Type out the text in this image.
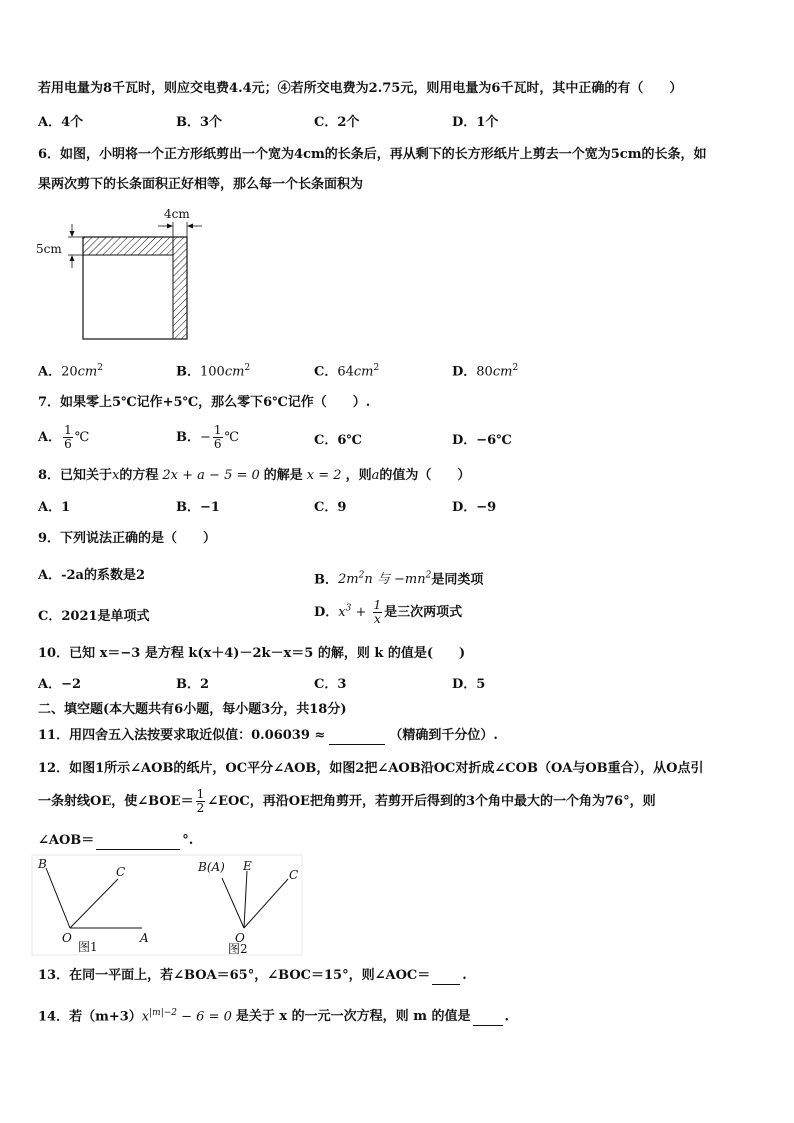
若用电量为8千瓦时，则应交电费4.4元；④若所交电费为2.75元，则用电量为6千瓦时，其中正确的有（　　）
A．4个	B．3个	C．2个	D．1个
6．如图，小明将一个正方形纸剪出一个宽为4cm的长条后，再从剩下的长方形纸片上剪去一个宽为5cm的长条，如
果两次剪下的长条面积正好相等，那么每一个长条面积为
4cm
5cm
A．$20cm^2$	B．$100cm^2$	C．$64cm^2$	D．$80cm^2$
7．如果零上5℃记作+5℃，那么零下6℃记作（　　）.
A． $\frac{1}{6}$ ℃	B．− $\frac{1}{6}$ ℃	C．6℃	D．−6℃
8．已知关于x的方程 2x + a − 5 = 0 的解是 x = 2 ，则a的值为（　　）
A．1	B．−1	C．9	D．−9
9．下列说法正确的是（　　）
A．-2a的系数是2	B．$2m^2n$ 与 $-mn^2$是同类项
C．2021是单项式	D．$x^3 + \frac{1}{x}$ 是三次两项式
10．已知 x＝−3 是方程 k(x＋4)－2k－x＝5 的解，则 k 的值是(　　)
A．−2	B．2	C．3	D．5
二、填空题(本大题共有6小题，每小题3分，共18分)
11．用四舍五入法按要求取近似值：0.06039 ≈	（精确到千分位）.
12．如图1所示∠AOB的纸片，OC平分∠AOB，如图2把∠AOB沿OC对折成∠COB（OA与OB重合），从O点引
一条射线OE，使∠BOE＝ $\frac{1}{2}$ ∠EOC，再沿OE把角剪开，若剪开后得到的3个角中最大的一个角为76°，则
∠AOB＝	°.
B
C
O	A
图1
B(A) E
C
O
图2
13．在同一平面上，若∠BOA＝65°，∠BOC＝15°，则∠AOC＝ .
14．若$(m+3)x^{|m|-2} - 6 = 0$ 是关于 x 的一元一次方程，则 m 的值是	.
